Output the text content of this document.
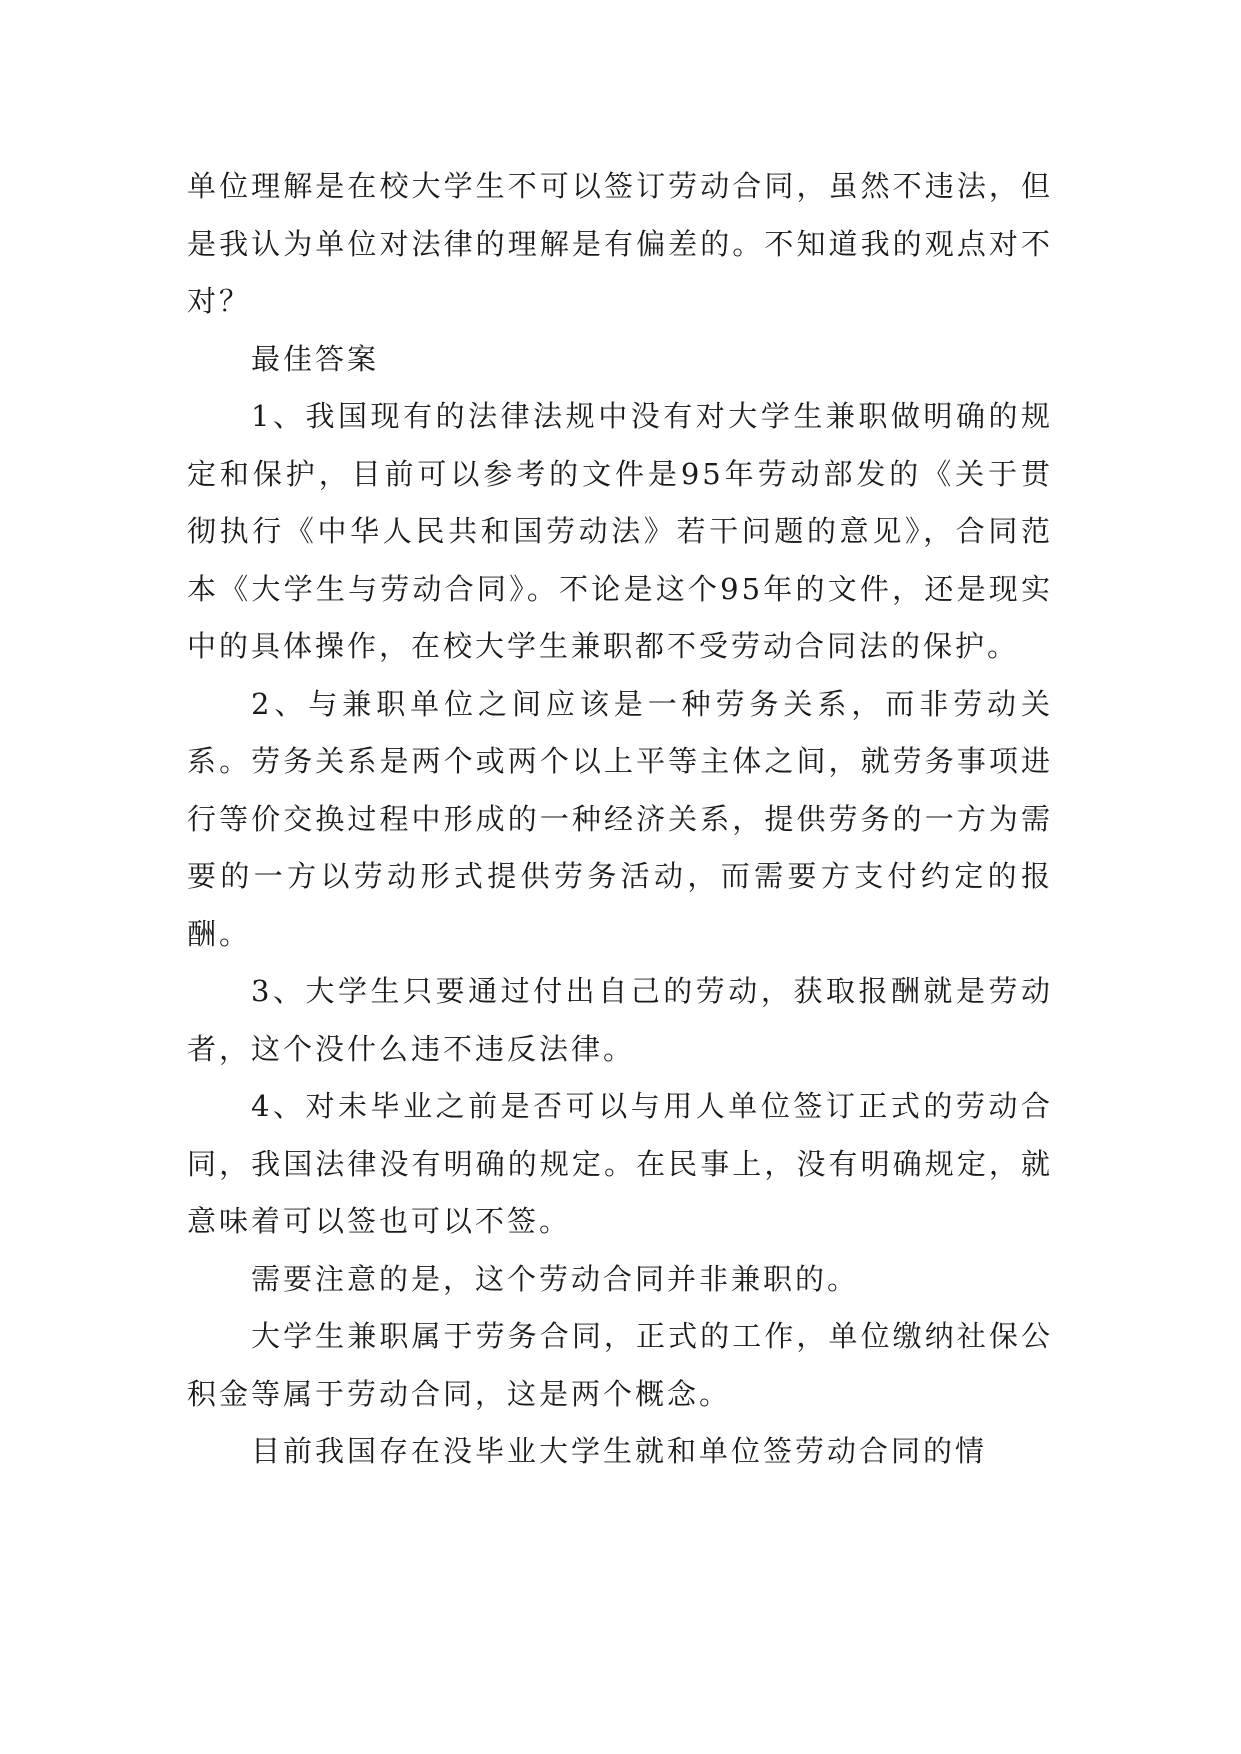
单位理解是在校大学生不可以签订劳动合同，虽然不违法，但是我认为单位对法律的理解是有偏差的。不知道我的观点对不对？

最佳答案

1、我国现有的法律法规中没有对大学生兼职做明确的规定和保护，目前可以参考的文件是95年劳动部发的《关于贯彻执行《中华人民共和国劳动法》若干问题的意见》，合同范本《大学生与劳动合同》。不论是这个95年的文件，还是现实中的具体操作，在校大学生兼职都不受劳动合同法的保护。

2、与兼职单位之间应该是一种劳务关系，而非劳动关系。劳务关系是两个或两个以上平等主体之间，就劳务事项进行等价交换过程中形成的一种经济关系，提供劳务的一方为需要的一方以劳动形式提供劳务活动，而需要方支付约定的报酬。

3、大学生只要通过付出自己的劳动，获取报酬就是劳动者，这个没什么违不违反法律。

4、对未毕业之前是否可以与用人单位签订正式的劳动合同，我国法律没有明确的规定。在民事上，没有明确规定，就意味着可以签也可以不签。

需要注意的是，这个劳动合同并非兼职的。

大学生兼职属于劳务合同，正式的工作，单位缴纳社保公积金等属于劳动合同，这是两个概念。

目前我国存在没毕业大学生就和单位签劳动合同的情
